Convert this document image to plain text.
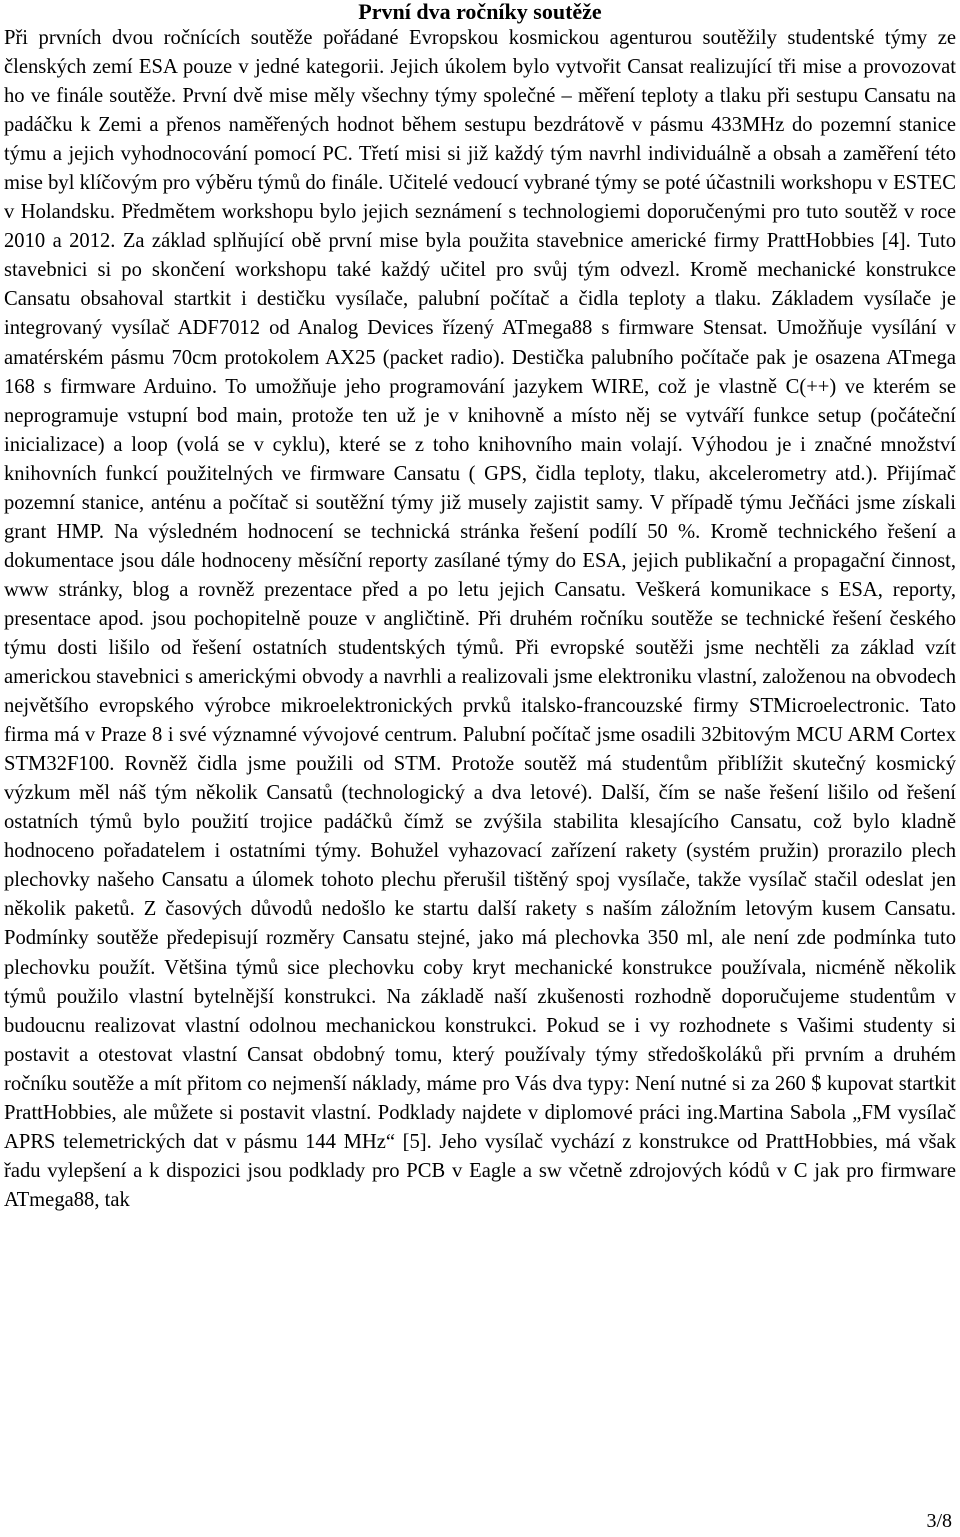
První dva ročníky soutěže

Při prvních dvou ročnících soutěže pořádané Evropskou kosmickou agenturou soutěžily studentské týmy ze členských zemí ESA pouze v jedné kategorii. Jejich úkolem bylo vytvořit Cansat realizující tři mise a provozovat ho ve finále soutěže. První dvě mise měly všechny týmy společné – měření teploty a tlaku při sestupu Cansatu na padáčku k Zemi a přenos naměřených hodnot během sestupu bezdrátově v pásmu 433MHz do pozemní stanice týmu a jejich vyhodnocování pomocí PC. Třetí misi si již každý tým navrhl individuálně a obsah a zaměření této mise byl klíčovým pro výběru týmů do finále. Učitelé vedoucí vybrané týmy se poté účastnili workshopu v ESTEC v Holandsku. Předmětem workshopu bylo jejich seznámení s technologiemi doporučenými pro tuto soutěž v roce 2010 a 2012. Za základ splňující obě první mise byla použita stavebnice americké firmy PrattHobbies [4]. Tuto stavebnici si po skončení workshopu také každý učitel pro svůj tým odvezl. Kromě mechanické konstrukce Cansatu obsahoval startkit i destičku vysílače, palubní počítač a čidla teploty a tlaku. Základem vysílače je integrovaný vysílač ADF7012 od Analog Devices řízený ATmega88 s firmware Stensat. Umožňuje vysílání v amatérském pásmu 70cm protokolem AX25 (packet radio). Destička palubního počítače pak je osazena ATmega 168 s firmware Arduino. To umožňuje jeho programování jazykem WIRE, což je vlastně C(++) ve kterém se neprogramuje vstupní bod main, protože ten už je v knihovně a místo něj se vytváří funkce setup (počáteční inicializace) a loop (volá se v cyklu), které se z toho knihovního main volají. Výhodou je i značné množství knihovních funkcí použitelných ve firmware Cansatu ( GPS, čidla teploty, tlaku, akcelerometry atd.). Přijímač pozemní stanice, anténu a počítač si soutěžní týmy již musely zajistit samy. V případě týmu Ječňáci jsme získali grant HMP. Na výsledném hodnocení se technická stránka řešení podílí 50 %. Kromě technického řešení a dokumentace jsou dále hodnoceny měsíční reporty zasílané týmy do ESA, jejich publikační a propagační činnost, www stránky, blog a rovněž prezentace před a po letu jejich Cansatu. Veškerá komunikace s ESA, reporty, presentace apod. jsou pochopitelně pouze v angličtině. Při druhém ročníku soutěže se technické řešení českého týmu dosti lišilo od řešení ostatních studentských týmů. Při evropské soutěži jsme nechtěli za základ vzít americkou stavebnici s americkými obvody a navrhli a realizovali jsme elektroniku vlastní, založenou na obvodech největšího evropského výrobce mikroelektronických prvků italsko-francouzské firmy STMicroelectronic. Tato firma má v Praze 8 i své významné vývojové centrum. Palubní počítač jsme osadili 32bitovým MCU ARM Cortex STM32F100. Rovněž čidla jsme použili od STM. Protože soutěž má studentům přiblížit skutečný kosmický výzkum měl náš tým několik Cansatů (technologický a dva letové). Další, čím se naše řešení lišilo od řešení ostatních týmů bylo použití trojice padáčků čímž se zvýšila stabilita klesajícího Cansatu, což bylo kladně hodnoceno pořadatelem i ostatními týmy. Bohužel vyhazovací zařízení rakety (systém pružin) prorazilo plech plechovky našeho Cansatu a úlomek tohoto plechu přerušil tištěný spoj vysílače, takže vysílač stačil odeslat jen několik paketů. Z časových důvodů nedošlo ke startu další rakety s naším záložním letovým kusem Cansatu. Podmínky soutěže předepisují rozměry Cansatu stejné, jako má plechovka 350 ml, ale není zde podmínka tuto plechovku použít. Většina týmů sice plechovku coby kryt mechanické konstrukce používala, nicméně několik týmů použilo vlastní bytelnější konstrukci. Na základě naší zkušenosti rozhodně doporučujeme studentům v budoucnu realizovat vlastní odolnou mechanickou konstrukci. Pokud se i vy rozhodnete s Vašimi studenty si postavit a otestovat vlastní Cansat obdobný tomu, který používaly týmy středoškoláků při prvním a druhém ročníku soutěže a mít přitom co nejmenší náklady, máme pro Vás dva typy: Není nutné si za 260 $ kupovat startkit PrattHobbies, ale můžete si postavit vlastní. Podklady najdete v diplomové práci ing.Martina Sabola „FM vysílač APRS telemetrických dat v pásmu 144 MHz“ [5]. Jeho vysílač vychází z konstrukce od PrattHobbies, má však řadu vylepšení a k dispozici jsou podklady pro PCB v Eagle a sw včetně zdrojových kódů v C jak pro firmware ATmega88, tak

3/8
